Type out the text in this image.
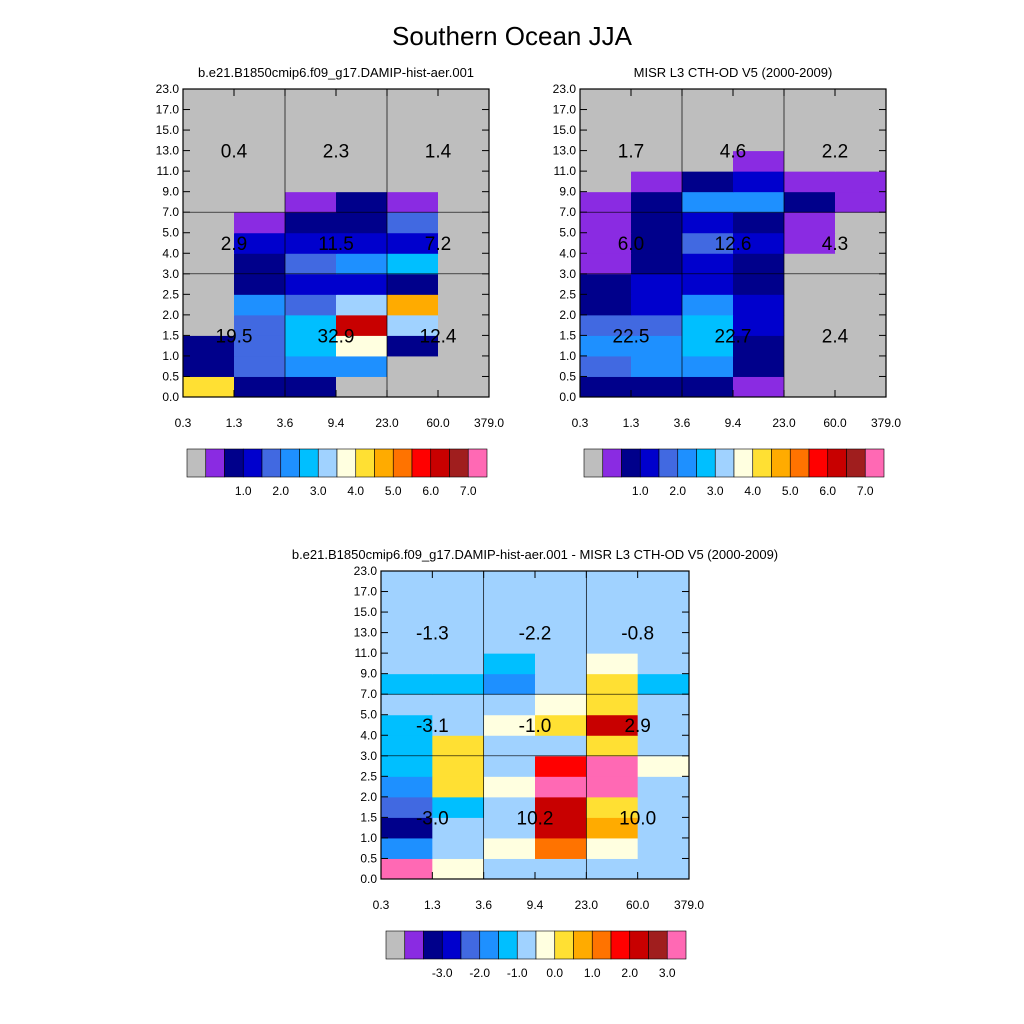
Southern Ocean JJA
0.0
0.5
1.0
1.5
2.0
2.5
3.0
4.0
5.0
7.0
9.0
11.0
13.0
15.0
17.0
23.0
0.3	1.3	3.6	9.4	23.0 60.0 379.0
b.e21.B1850cmip6.f09_g17.DAMIP-hist-aer.001
19.5	32.9	12.4
2.9	11.5	7.2
0.4	2.3	1.4
0.0
0.5
1.0
1.5
2.0
2.5
3.0
4.0
5.0
7.0
9.0
11.0
13.0
15.0
17.0
23.0
0.3	1.3	3.6	9.4	23.0 60.0 379.0
MISR L3 CTH-OD V5 (2000-2009)
22.5	22.7	2.4
6.0	12.6	4.3
1.7	4.6	2.2
0.0
0.5
1.0
1.5
2.0
2.5
3.0
4.0
5.0
7.0
9.0
11.0
13.0
15.0
17.0
23.0
0.3	1.3	3.6	9.4	23.0 60.0 379.0
b.e21.B1850cmip6.f09_g17.DAMIP-hist-aer.001 - MISR L3 CTH-OD V5 (2000-2009)
-3.0	10.2	10.0
-3.1	-1.0	2.9
-1.3	-2.2	-0.8
1.0 2.0 3.0 4.0 5.0 6.0 7.0	1.0 2.0 3.0 4.0 5.0 6.0 7.0
-3.0 -2.0 -1.0 0.0 1.0 2.0 3.0
